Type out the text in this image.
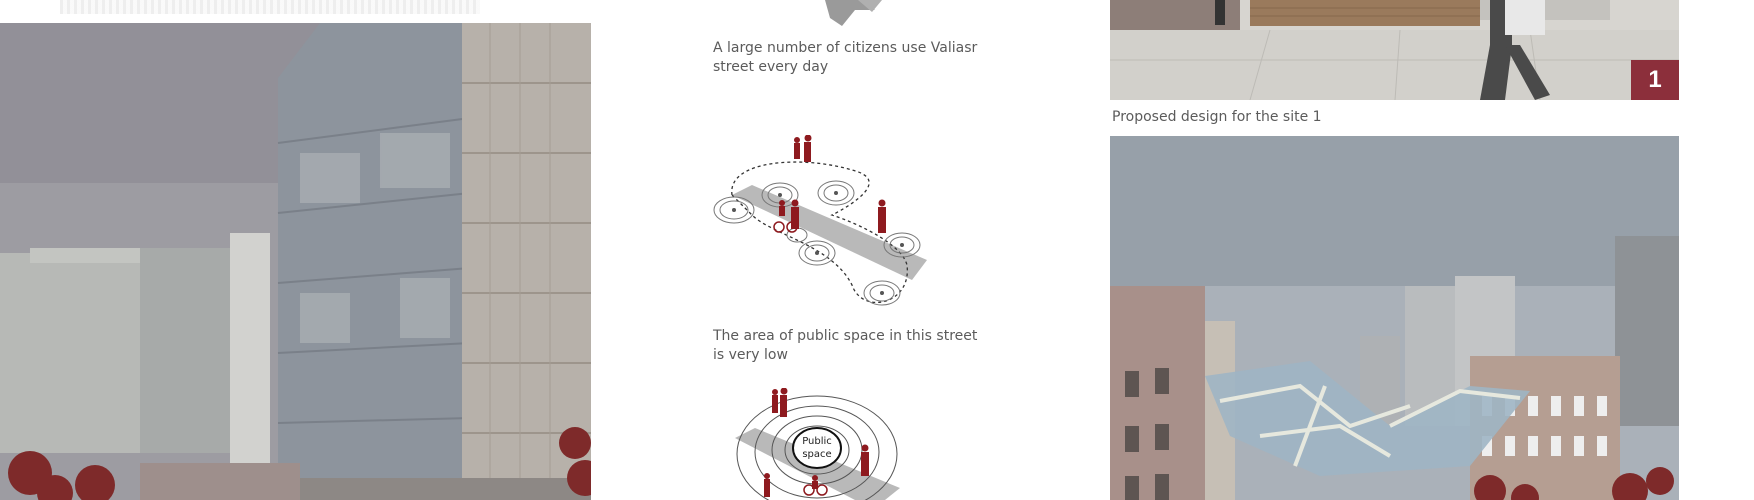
A large number of citizens use Valiasr street every day
The area of public space in this street is very low
Public
space
1
Proposed design for the site 1
